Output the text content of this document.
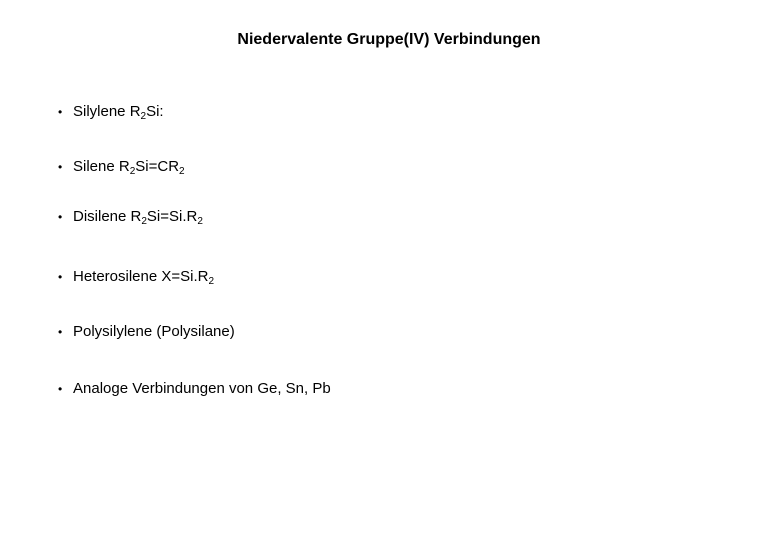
Niedervalente Gruppe(IV) Verbindungen
• Silylene $R_2Si$:
• Silene $R_2Si=CR_2$
• Disilene $R_2Si=Si.R_2$
• Heterosilene $X=Si.R_2$
• Polysilylene (Polysilane)
• Analoge Verbindungen von Ge, Sn, Pb
